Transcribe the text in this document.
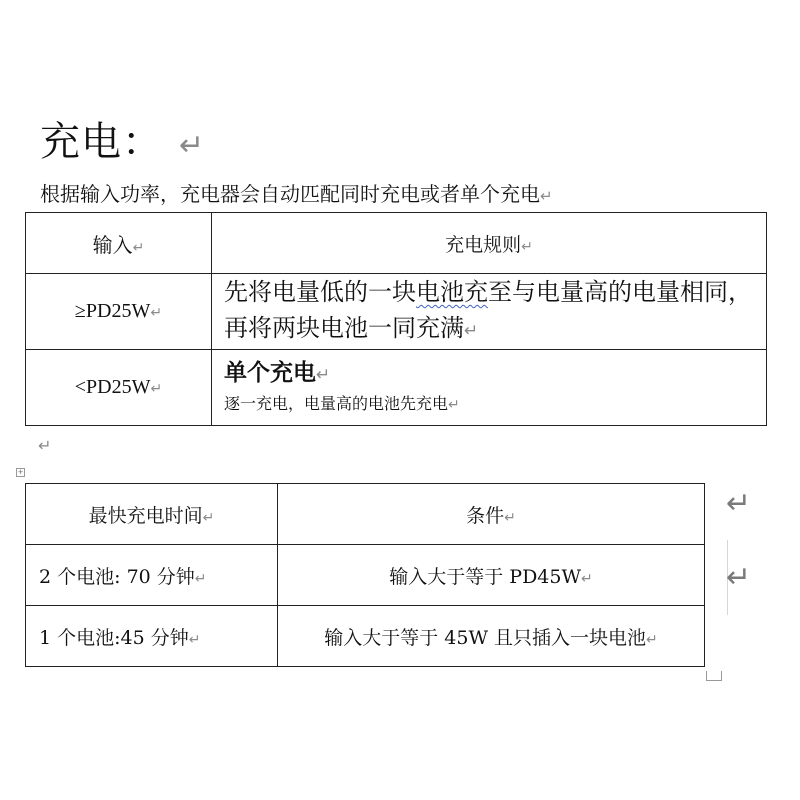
充电： ↵
根据输入功率，充电器会自动匹配同时充电或者单个充电↵
输入↵	充电规则↵
≥PD25W↵	先将电量低的一块电池充至与电量高的电量相同，再将两块电池一同充满↵

<PD25W↵	单个充电↵
逐一充电，电量高的电池先充电↵
↵
+
最快充电时间↵	条件↵
2 个电池: 70 分钟↵	输入大于等于 PD45W↵
1 个电池:45 分钟↵	输入大于等于 45W 且只插入一块电池↵
↵
↵
